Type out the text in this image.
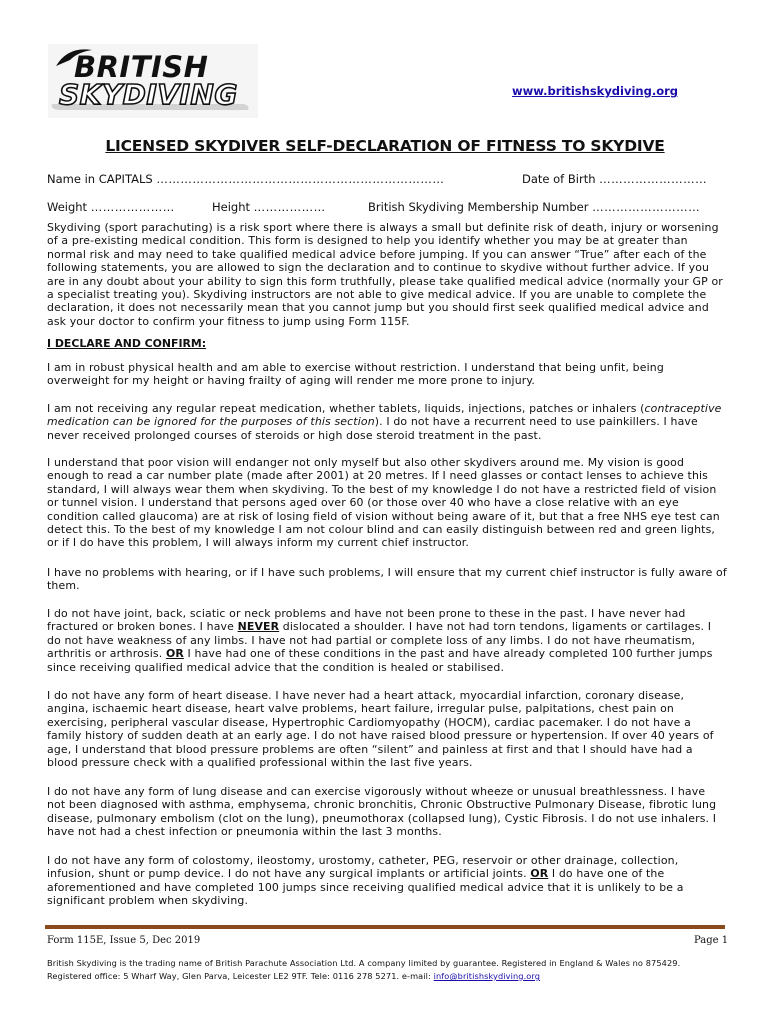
BRITISH
SKYDIVING	www.britishskydiving.org
LICENSED SKYDIVER SELF-DECLARATION OF FITNESS TO SKYDIVE
Name in CAPITALS ………………………………………………………………	Date of Birth ………………………
Weight …………………	Height ………………	British Skydiving Membership Number ………………………

Skydiving (sport parachuting) is a risk sport where there is always a small but definite risk of death, injury or worsening of a pre-existing medical condition. This form is designed to help you identify whether you may be at greater than normal risk and may need to take qualified medical advice before jumping. If you can answer “True” after each of the following statements, you are allowed to sign the declaration and to continue to skydive without further advice. If you are in any doubt about your ability to sign this form truthfully, please take qualified medical advice (normally your GP or a specialist treating you). Skydiving instructors are not able to give medical advice. If you are unable to complete the declaration, it does not necessarily mean that you cannot jump but you should first seek qualified medical advice and ask your doctor to confirm your fitness to jump using Form 115F.

I DECLARE AND CONFIRM:

I am in robust physical health and am able to exercise without restriction. I understand that being unfit, being overweight for my height or having frailty of aging will render me more prone to injury.

I am not receiving any regular repeat medication, whether tablets, liquids, injections, patches or inhalers (contraceptive medication can be ignored for the purposes of this section). I do not have a recurrent need to use painkillers. I have never received prolonged courses of steroids or high dose steroid treatment in the past.

I understand that poor vision will endanger not only myself but also other skydivers around me. My vision is good enough to read a car number plate (made after 2001) at 20 metres. If I need glasses or contact lenses to achieve this standard, I will always wear them when skydiving. To the best of my knowledge I do not have a restricted field of vision or tunnel vision. I understand that persons aged over 60 (or those over 40 who have a close relative with an eye condition called glaucoma) are at risk of losing field of vision without being aware of it, but that a free NHS eye test can detect this. To the best of my knowledge I am not colour blind and can easily distinguish between red and green lights, or if I do have this problem, I will always inform my current chief instructor.

I have no problems with hearing, or if I have such problems, I will ensure that my current chief instructor is fully aware of them.

I do not have joint, back, sciatic or neck problems and have not been prone to these in the past. I have never had fractured or broken bones. I have NEVER dislocated a shoulder. I have not had torn tendons, ligaments or cartilages. I do not have weakness of any limbs. I have not had partial or complete loss of any limbs. I do not have rheumatism, arthritis or arthrosis. OR I have had one of these conditions in the past and have already completed 100 further jumps since receiving qualified medical advice that the condition is healed or stabilised.

I do not have any form of heart disease. I have never had a heart attack, myocardial infarction, coronary disease, angina, ischaemic heart disease, heart valve problems, heart failure, irregular pulse, palpitations, chest pain on exercising, peripheral vascular disease, Hypertrophic Cardiomyopathy (HOCM), cardiac pacemaker. I do not have a family history of sudden death at an early age. I do not have raised blood pressure or hypertension. If over 40 years of age, I understand that blood pressure problems are often “silent” and painless at first and that I should have had a blood pressure check with a qualified professional within the last five years.

I do not have any form of lung disease and can exercise vigorously without wheeze or unusual breathlessness. I have not been diagnosed with asthma, emphysema, chronic bronchitis, Chronic Obstructive Pulmonary Disease, fibrotic lung disease, pulmonary embolism (clot on the lung), pneumothorax (collapsed lung), Cystic Fibrosis. I do not use inhalers. I have not had a chest infection or pneumonia within the last 3 months.

I do not have any form of colostomy, ileostomy, urostomy, catheter, PEG, reservoir or other drainage, collection, infusion, shunt or pump device. I do not have any surgical implants or artificial joints. OR I do have one of the aforementioned and have completed 100 jumps since receiving qualified medical advice that it is unlikely to be a significant problem when skydiving.

Form 115E, Issue 5, Dec 2019	Page 1
British Skydiving is the trading name of British Parachute Association Ltd. A company limited by guarantee. Registered in England & Wales no 875429.
Registered office: 5 Wharf Way, Glen Parva, Leicester LE2 9TF. Tele: 0116 278 5271. e-mail: info@britishskydiving.org
